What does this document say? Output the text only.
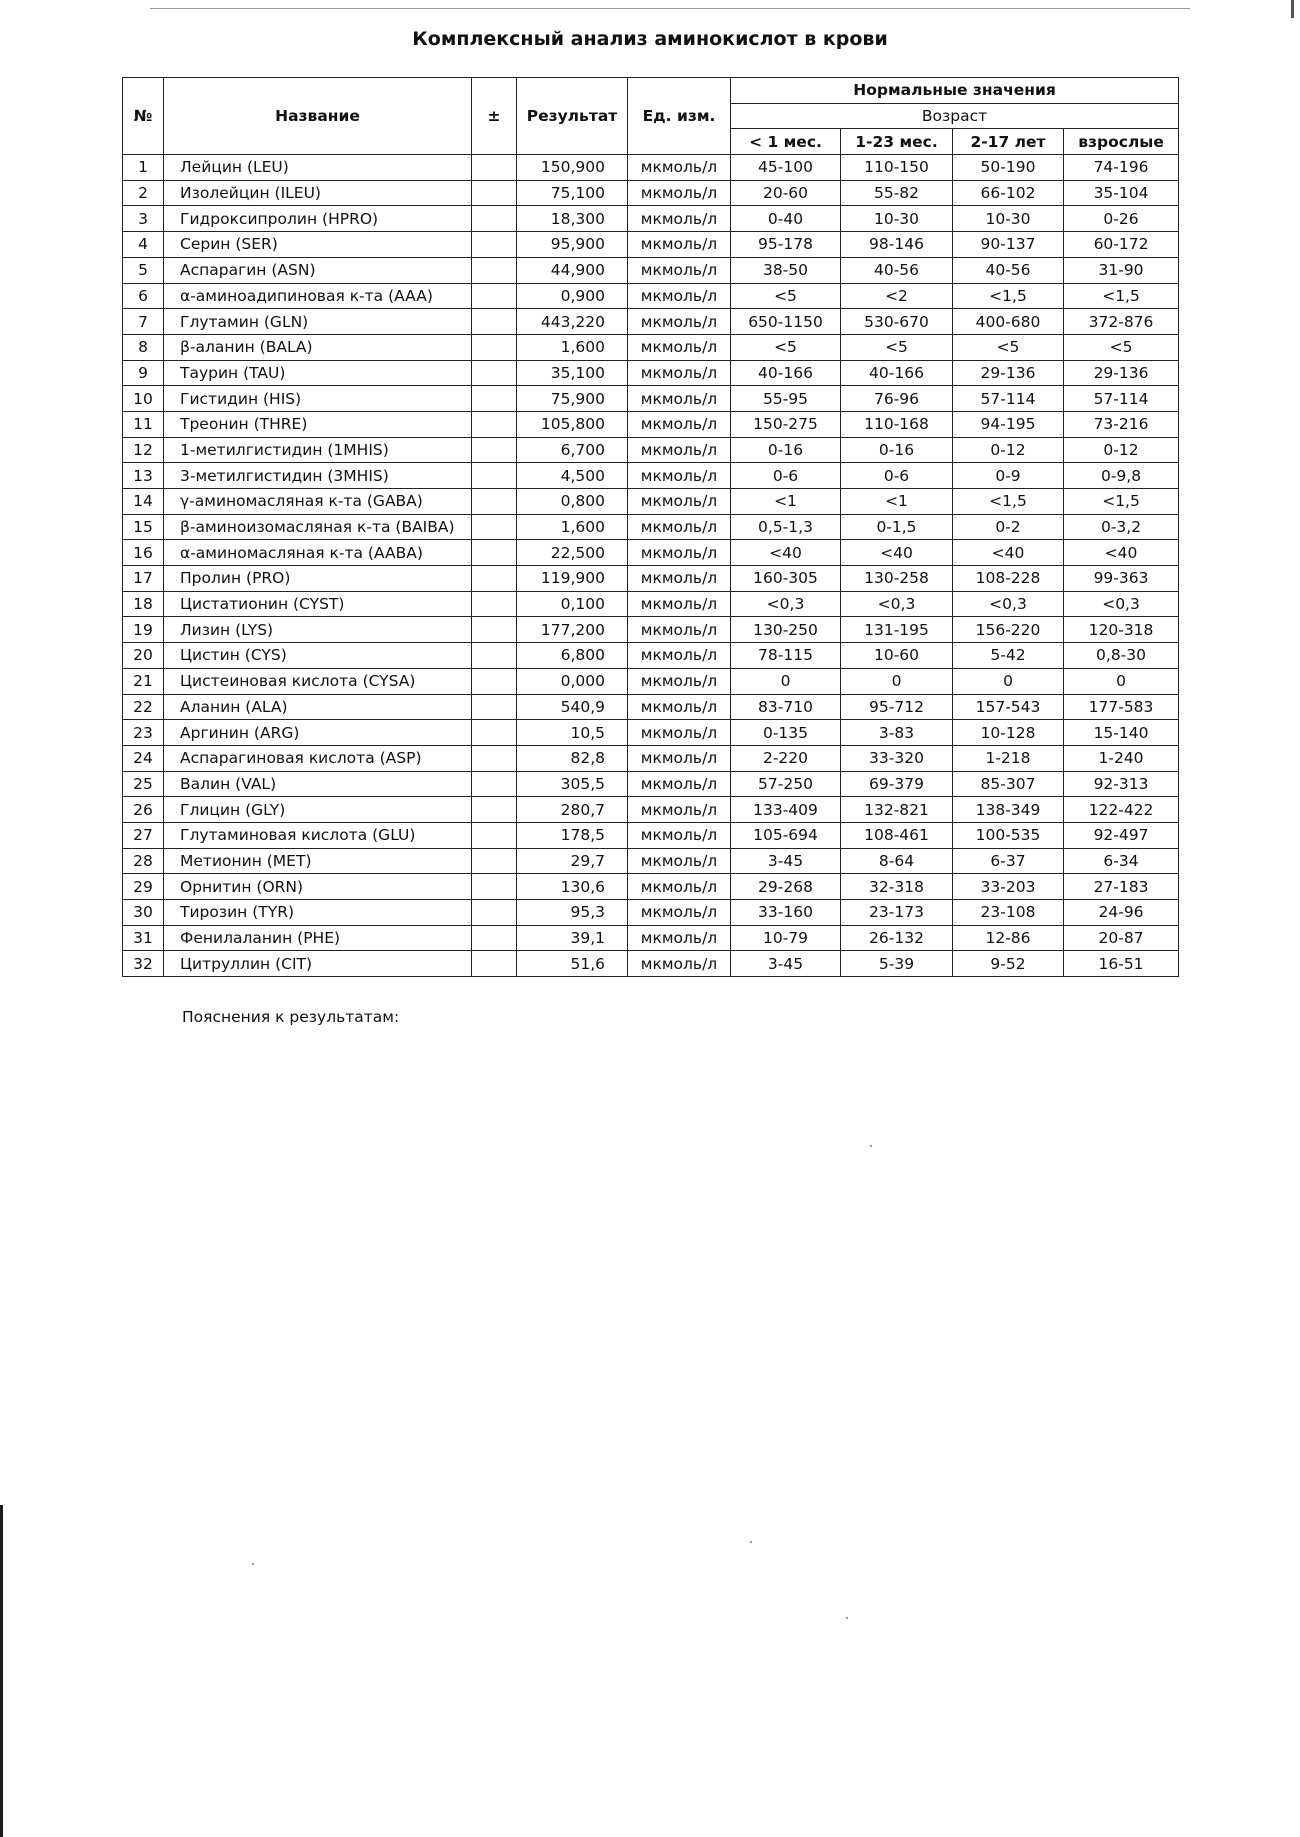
Комплексный анализ аминокислот в крови
№	Название	±	Результат	Ед. изм.	Нормальные значения			
					Возраст			
					< 1 мес.	1-23 мес.	2-17 лет	взрослые
1	Лейцин (LEU)		150,900	мкмоль/л	45-100	110-150	50-190	74-196
2	Изолейцин (ILEU)		75,100	мкмоль/л	20-60	55-82	66-102	35-104
3	Гидроксипролин (HPRO)		18,300	мкмоль/л	0-40	10-30	10-30	0-26
4	Серин (SER)		95,900	мкмоль/л	95-178	98-146	90-137	60-172
5	Аспарагин (ASN)		44,900	мкмоль/л	38-50	40-56	40-56	31-90
6	α-аминоадипиновая к-та (AAA)		0,900	мкмоль/л	<5	<2	<1,5	<1,5
7	Глутамин (GLN)		443,220	мкмоль/л	650-1150	530-670	400-680	372-876
8	β-аланин (BALA)		1,600	мкмоль/л	<5	<5	<5	<5
9	Таурин (TAU)		35,100	мкмоль/л	40-166	40-166	29-136	29-136
10	Гистидин (HIS)		75,900	мкмоль/л	55-95	76-96	57-114	57-114
11	Треонин (THRE)		105,800	мкмоль/л	150-275	110-168	94-195	73-216
12	1-метилгистидин (1MHIS)		6,700	мкмоль/л	0-16	0-16	0-12	0-12
13	3-метилгистидин (3MHIS)		4,500	мкмоль/л	0-6	0-6	0-9	0-9,8
14	γ-аминомасляная к-та (GABA)		0,800	мкмоль/л	<1	<1	<1,5	<1,5
15	β-аминоизомасляная к-та (BAIBA)		1,600	мкмоль/л	0,5-1,3	0-1,5	0-2	0-3,2
16	α-аминомасляная к-та (AABA)		22,500	мкмоль/л	<40	<40	<40	<40
17	Пролин (PRO)		119,900	мкмоль/л	160-305	130-258	108-228	99-363
18	Цистатионин (CYST)		0,100	мкмоль/л	<0,3	<0,3	<0,3	<0,3
19	Лизин (LYS)		177,200	мкмоль/л	130-250	131-195	156-220	120-318
20	Цистин (CYS)		6,800	мкмоль/л	78-115	10-60	5-42	0,8-30
21	Цистеиновая кислота (CYSA)		0,000	мкмоль/л	0	0	0	0
22	Аланин (ALA)		540,9	мкмоль/л	83-710	95-712	157-543	177-583
23	Аргинин (ARG)		10,5	мкмоль/л	0-135	3-83	10-128	15-140
24	Аспарагиновая кислота (ASP)		82,8	мкмоль/л	2-220	33-320	1-218	1-240
25	Валин (VAL)		305,5	мкмоль/л	57-250	69-379	85-307	92-313
26	Глицин (GLY)		280,7	мкмоль/л	133-409	132-821	138-349	122-422
27	Глутаминовая кислота (GLU)		178,5	мкмоль/л	105-694	108-461	100-535	92-497
28	Метионин (MET)		29,7	мкмоль/л	3-45	8-64	6-37	6-34
29	Орнитин (ORN)		130,6	мкмоль/л	29-268	32-318	33-203	27-183
30	Тирозин (TYR)		95,3	мкмоль/л	33-160	23-173	23-108	24-96
31	Фенилаланин (PHE)		39,1	мкмоль/л	10-79	26-132	12-86	20-87
32	Цитруллин (CIT)		51,6	мкмоль/л	3-45	5-39	9-52	16-51
Пояснения к результатам:
